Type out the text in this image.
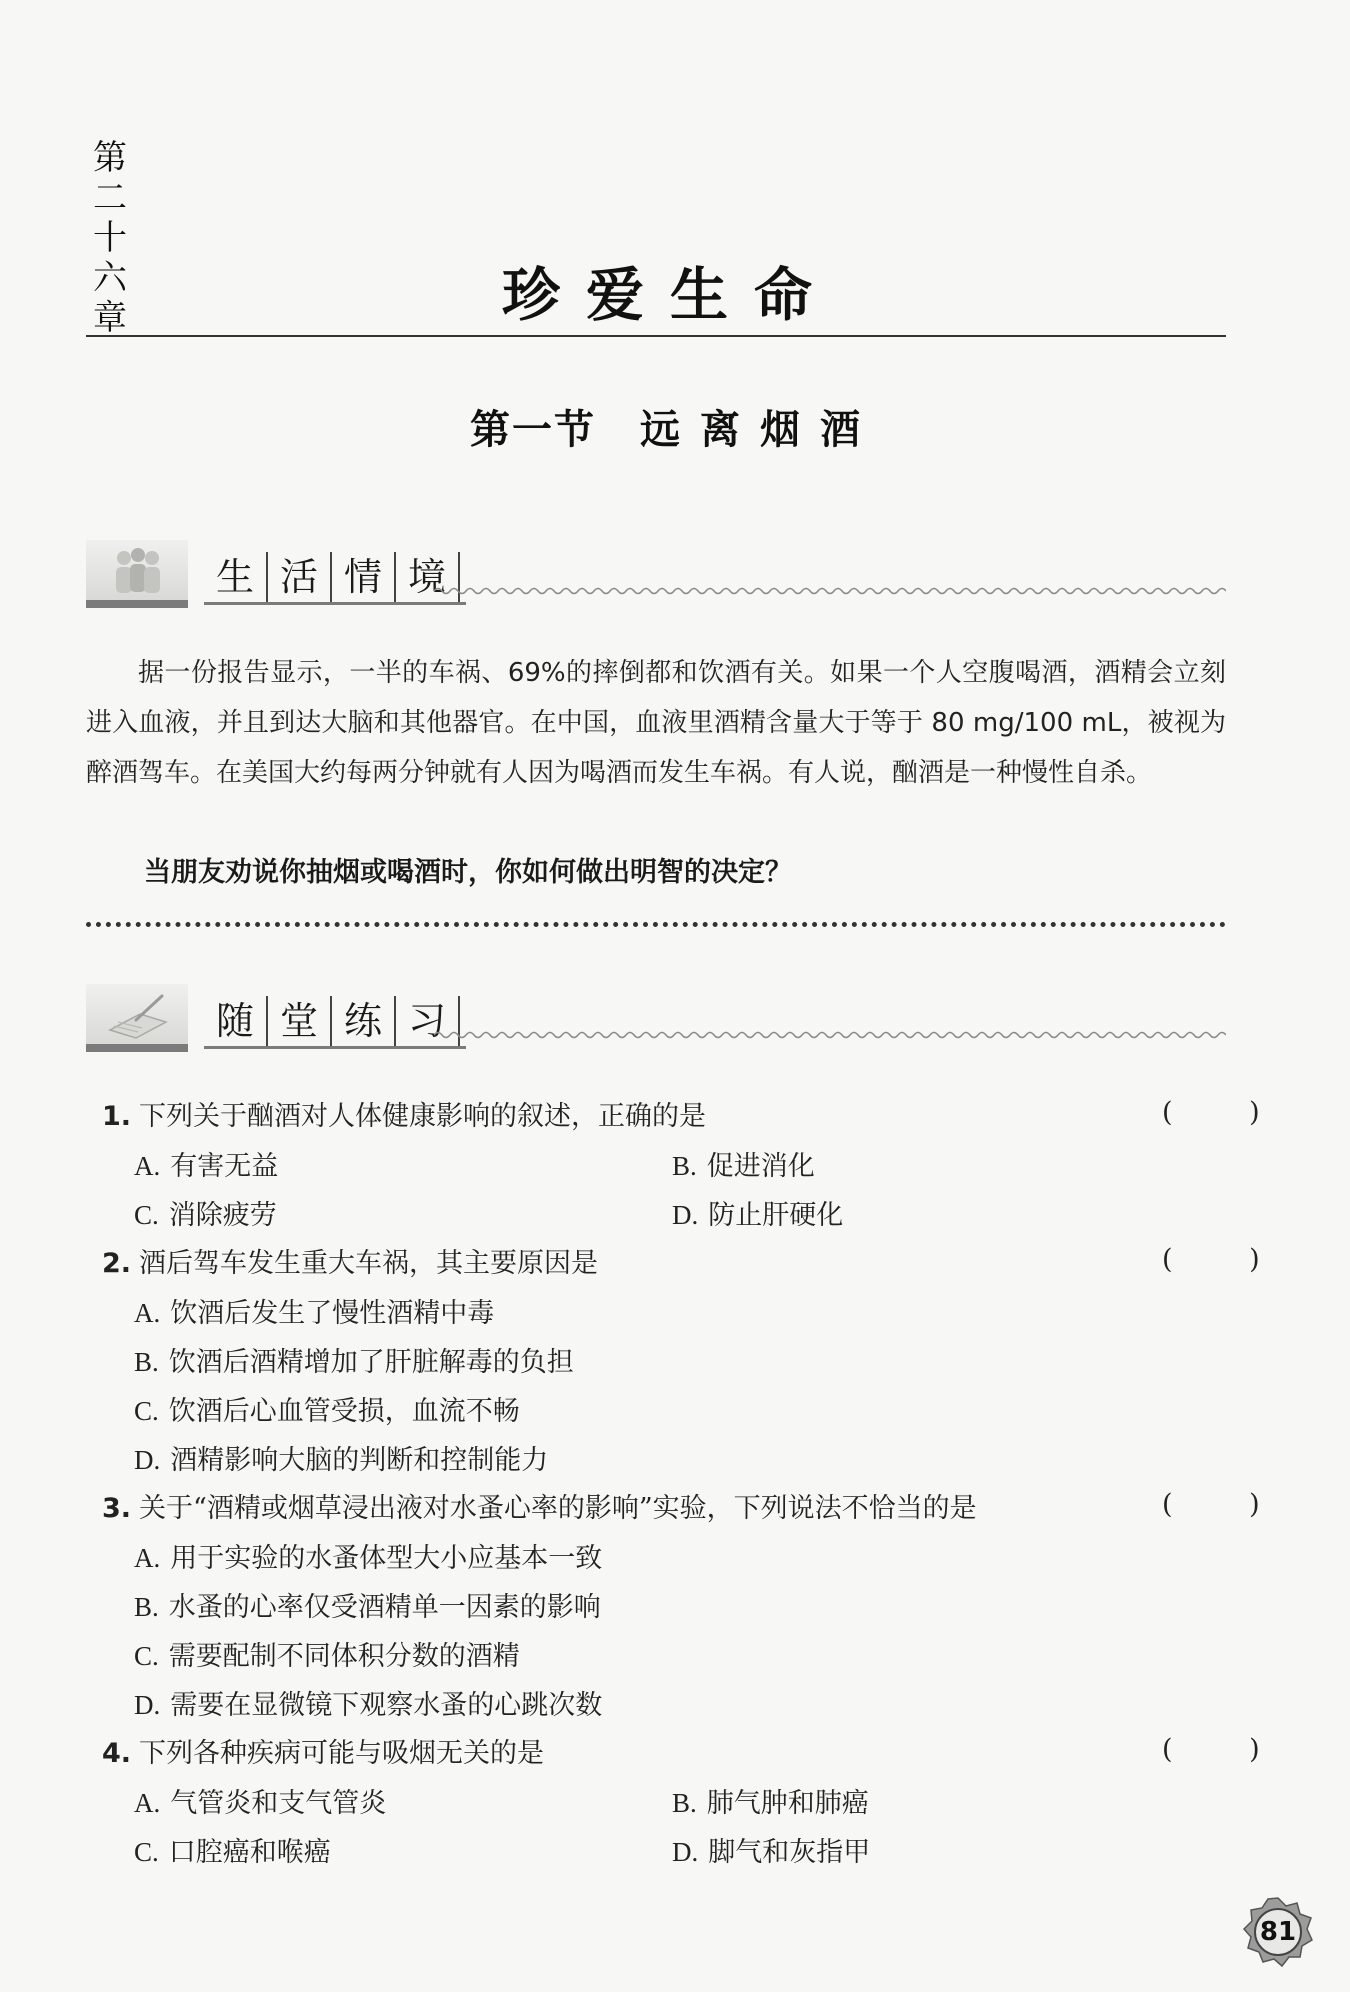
第
二
十
六
章	珍爱生命
第一节 远离烟酒
生 活 情 境
据一份报告显示，一半的车祸、69%的摔倒都和饮酒有关。如果一个人空腹喝酒，酒精会立刻进入血液，并且到达大脑和其他器官。在中国，血液里酒精含量大于等于 80 mg/100 mL，被视为醉酒驾车。在美国大约每两分钟就有人因为喝酒而发生车祸。有人说，酗酒是一种慢性自杀。
当朋友劝说你抽烟或喝酒时，你如何做出明智的决定？
随 堂 练 习
1. 下列关于酗酒对人体健康影响的叙述，正确的是	( )
A. 有害无益	B. 促进消化
C. 消除疲劳	D. 防止肝硬化
2. 酒后驾车发生重大车祸，其主要原因是	( )
A. 饮酒后发生了慢性酒精中毒
B. 饮酒后酒精增加了肝脏解毒的负担
C. 饮酒后心血管受损，血流不畅
D. 酒精影响大脑的判断和控制能力
3. 关于“酒精或烟草浸出液对水蚤心率的影响”实验，下列说法不恰当的是	( )
A. 用于实验的水蚤体型大小应基本一致
B. 水蚤的心率仅受酒精单一因素的影响
C. 需要配制不同体积分数的酒精
D. 需要在显微镜下观察水蚤的心跳次数
4. 下列各种疾病可能与吸烟无关的是	( )
A. 气管炎和支气管炎	B. 肺气肿和肺癌
C. 口腔癌和喉癌	D. 脚气和灰指甲
81
